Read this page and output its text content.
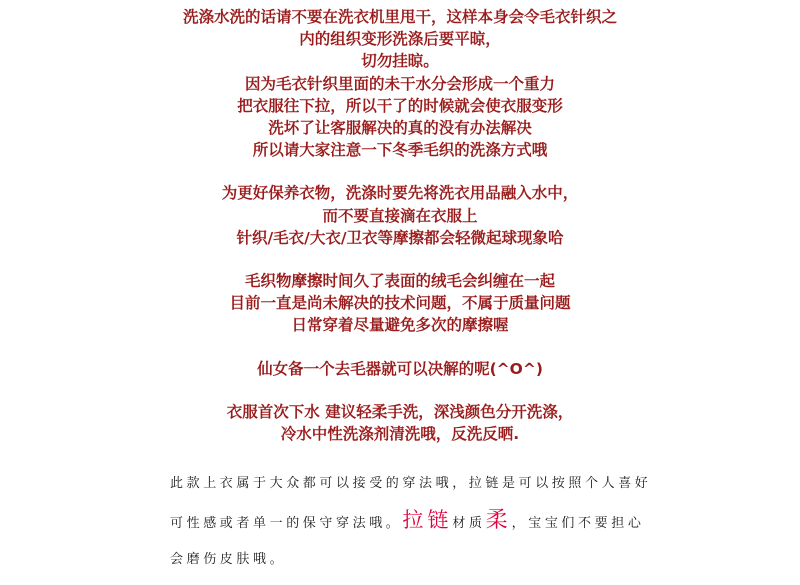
洗涤水洗的话请不要在洗衣机里甩干，这样本身会令毛衣针织之
内的组织变形洗涤后要平晾，
切勿挂晾。
因为毛衣针织里面的未干水分会形成一个重力
把衣服往下拉，所以干了的时候就会使衣服变形
洗坏了让客服解决的真的没有办法解决
所以请大家注意一下冬季毛织的洗涤方式哦
为更好保养衣物，洗涤时要先将洗衣用品融入水中，
而不要直接滴在衣服上
针织/毛衣/大衣/卫衣等摩擦都会轻微起球现象哈
毛织物摩擦时间久了表面的绒毛会纠缠在一起
目前一直是尚未解决的技术问题，不属于质量问题
日常穿着尽量避免多次的摩擦喔
仙女备一个去毛器就可以决解的呢(^O^)
衣服首次下水 建议轻柔手洗，深浅颜色分开洗涤，
冷水中性洗涤剂清洗哦，反洗反晒.
此款上衣属于大众都可以接受的穿法哦，拉链是可以按照个人喜好
可性感或者单一的保守穿法哦。拉链材质柔，宝宝们不要担心
会磨伤皮肤哦。
